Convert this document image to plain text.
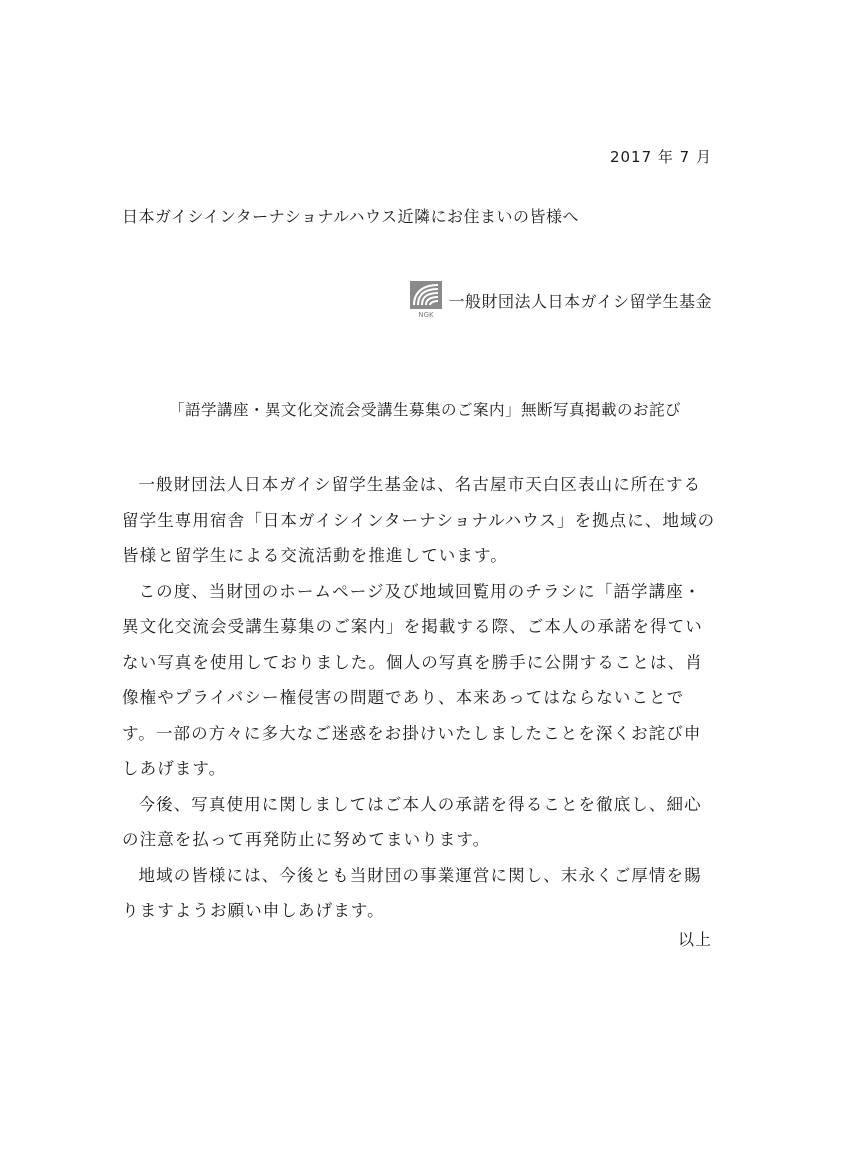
2017 年 7 月
日本ガイシインターナショナルハウス近隣にお住まいの皆様へ
NGK
一般財団法人日本ガイシ留学生基金
「語学講座・異文化交流会受講生募集のご案内」無断写真掲載のお詫び

一般財団法人日本ガイシ留学生基金は、名古屋市天白区表山に所在する留学生専用宿舎「日本ガイシインターナショナルハウス」を拠点に、地域の皆様と留学生による交流活動を推進しています。

この度、当財団のホームページ及び地域回覧用のチラシに「語学講座・異文化交流会受講生募集のご案内」を掲載する際、ご本人の承諾を得ていない写真を使用しておりました。個人の写真を勝手に公開することは、肖像権やプライバシー権侵害の問題であり、本来あってはならないことです。一部の方々に多大なご迷惑をお掛けいたしましたことを深くお詫び申しあげます。

今後、写真使用に関しましてはご本人の承諾を得ることを徹底し、細心の注意を払って再発防止に努めてまいります。

地域の皆様には、今後とも当財団の事業運営に関し、末永くご厚情を賜りますようお願い申しあげます。

以上
